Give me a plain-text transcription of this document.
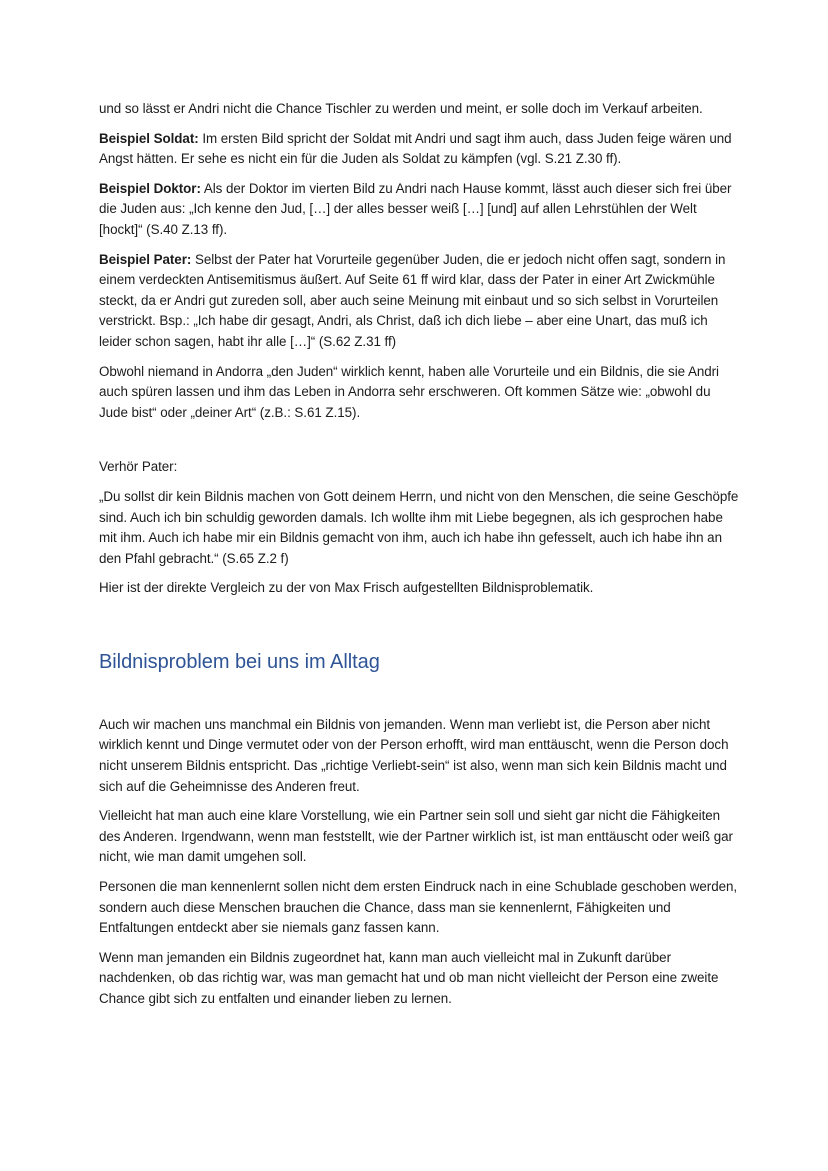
und so lässt er Andri nicht die Chance Tischler zu werden und meint, er solle doch im Verkauf arbeiten.

Beispiel Soldat: Im ersten Bild spricht der Soldat mit Andri und sagt ihm auch, dass Juden feige wären und Angst hätten. Er sehe es nicht ein für die Juden als Soldat zu kämpfen (vgl. S.21 Z.30 ff).

Beispiel Doktor: Als der Doktor im vierten Bild zu Andri nach Hause kommt, lässt auch dieser sich frei über die Juden aus: „Ich kenne den Jud, […] der alles besser weiß […] [und] auf allen Lehrstühlen der Welt [hockt]“ (S.40 Z.13 ff).

Beispiel Pater: Selbst der Pater hat Vorurteile gegenüber Juden, die er jedoch nicht offen sagt, sondern in einem verdeckten Antisemitismus äußert. Auf Seite 61 ff wird klar, dass der Pater in einer Art Zwickmühle steckt, da er Andri gut zureden soll, aber auch seine Meinung mit einbaut und so sich selbst in Vorurteilen verstrickt. Bsp.: „Ich habe dir gesagt, Andri, als Christ, daß ich dich liebe – aber eine Unart, das muß ich leider schon sagen, habt ihr alle […]“ (S.62 Z.31 ff)

Obwohl niemand in Andorra „den Juden“ wirklich kennt, haben alle Vorurteile und ein Bildnis, die sie Andri auch spüren lassen und ihm das Leben in Andorra sehr erschweren. Oft kommen Sätze wie: „obwohl du Jude bist“ oder „deiner Art“ (z.B.: S.61 Z.15).

Verhör Pater:

„Du sollst dir kein Bildnis machen von Gott deinem Herrn, und nicht von den Menschen, die seine Geschöpfe sind. Auch ich bin schuldig geworden damals. Ich wollte ihm mit Liebe begegnen, als ich gesprochen habe mit ihm. Auch ich habe mir ein Bildnis gemacht von ihm, auch ich habe ihn gefesselt, auch ich habe ihn an den Pfahl gebracht.“ (S.65 Z.2 f)

Hier ist der direkte Vergleich zu der von Max Frisch aufgestellten Bildnisproblematik.

Bildnisproblem bei uns im Alltag

Auch wir machen uns manchmal ein Bildnis von jemanden. Wenn man verliebt ist, die Person aber nicht wirklich kennt und Dinge vermutet oder von der Person erhofft, wird man enttäuscht, wenn die Person doch nicht unserem Bildnis entspricht. Das „richtige Verliebt-sein“ ist also, wenn man sich kein Bildnis macht und sich auf die Geheimnisse des Anderen freut.

Vielleicht hat man auch eine klare Vorstellung, wie ein Partner sein soll und sieht gar nicht die Fähigkeiten des Anderen. Irgendwann, wenn man feststellt, wie der Partner wirklich ist, ist man enttäuscht oder weiß gar nicht, wie man damit umgehen soll.

Personen die man kennenlernt sollen nicht dem ersten Eindruck nach in eine Schublade geschoben werden, sondern auch diese Menschen brauchen die Chance, dass man sie kennenlernt, Fähigkeiten und Entfaltungen entdeckt aber sie niemals ganz fassen kann.

Wenn man jemanden ein Bildnis zugeordnet hat, kann man auch vielleicht mal in Zukunft darüber nachdenken, ob das richtig war, was man gemacht hat und ob man nicht vielleicht der Person eine zweite Chance gibt sich zu entfalten und einander lieben zu lernen.
